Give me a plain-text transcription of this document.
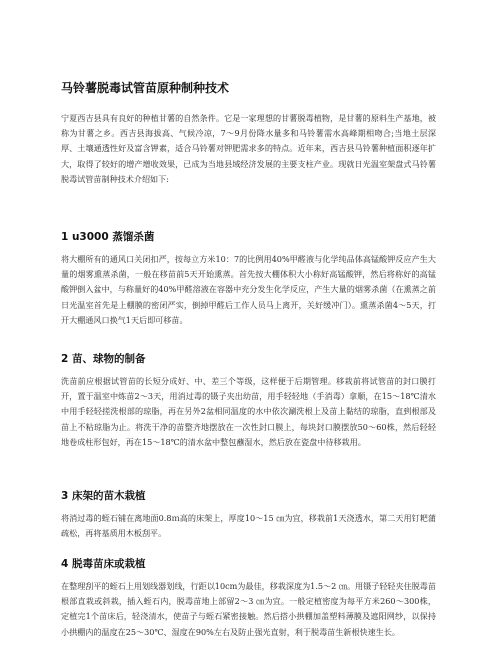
马铃薯脱毒试管苗原种制种技术

宁夏西吉县具有良好的种植甘薯的自然条件。它是一家理想的甘薯脱毒植物，是甘薯的原料生产基地，被称为甘薯之乡。西吉县海拔高、气候冷凉，7～9月份降水量多和马铃薯需水高峰期相吻合;当地土层深厚、土壤通透性好及富含钾素，适合马铃薯对钾肥需求多的特点。近年来，西吉县马铃薯种植面积逐年扩大，取得了较好的增产增收效果，已成为当地县域经济发展的主要支柱产业。现就日光温室架盘式马铃薯脱毒试管苗制种技术介绍如下:

1 u3000 蒸馏杀菌

将大棚所有的通风口关闭扣严，按每立方米10：7的比例用40%甲醛液与化学纯品体高锰酸钾反应产生大量的烟雾熏蒸杀菌，一般在移苗前5天开始熏蒸。首先按大棚体积大小称好高锰酸钾，然后将称好的高锰酸钾倒入盆中，与称量好的40%甲醛溶液在容器中充分发生化学反应，产生大量的烟雾杀菌（在熏蒸之前日光温室首先是上棚膜的密闭严实，倒掉甲醛后工作人员马上离开，关好缓冲门）。熏蒸杀菌4～5天，打开大棚通风口换气1天后即可移苗。

2 苗、球物的制备

洗苗前应根据试管苗的长短分成好、中、差三个等级，这样便于后期管理。移栽前将试管苗的封口膜打开，置于温室中炼苗2～3天，用消过毒的镊子夹出幼苗，用手轻轻地（手消毒）拿顺，在15～18℃清水中用手轻轻搓洗根部的琼脂，再在另外2盆相同温度的水中依次涮洗根上及苗上黏结的琼脂，直到根部及苗上不粘琼脂为止。将洗干净的苗整齐地摆放在一次性封口膜上，每块封口膜摆放50～60株，然后轻轻地卷成柱形包好，再在15～18℃的清水盆中整包蘸湿水，然后放在瓷盘中待移栽用。

3 床架的苗木栽植

将消过毒的蛭石铺在离地面0.8ｍ高的床架上，厚度10～15 ㎝为宜，移栽前1天浇透水，第二天用钉耙蒲疏松，再将基质用木板刮平。

4 脱毒苗床或栽植

在整理刮平的蛭石上用划线器划线，行距以10cm为最佳，移栽深度为1.5～2 ㎝。用镊子轻轻夹住脱毒苗根部直栽或斜栽，插入蛭石内，脱毒苗地上部留2～3 ㎝为宜。一般定植密度为每平方米260～300株，定植完1个苗床后，轻浇清水，使苗子与蛭石紧密接触。然后搭小拱棚加盖塑料薄膜及遮阳网纱，以保持小拱棚内的温度在25～30℃、湿度在90%左右及防止强光直射，利于脱毒苗生新根快速生长。
